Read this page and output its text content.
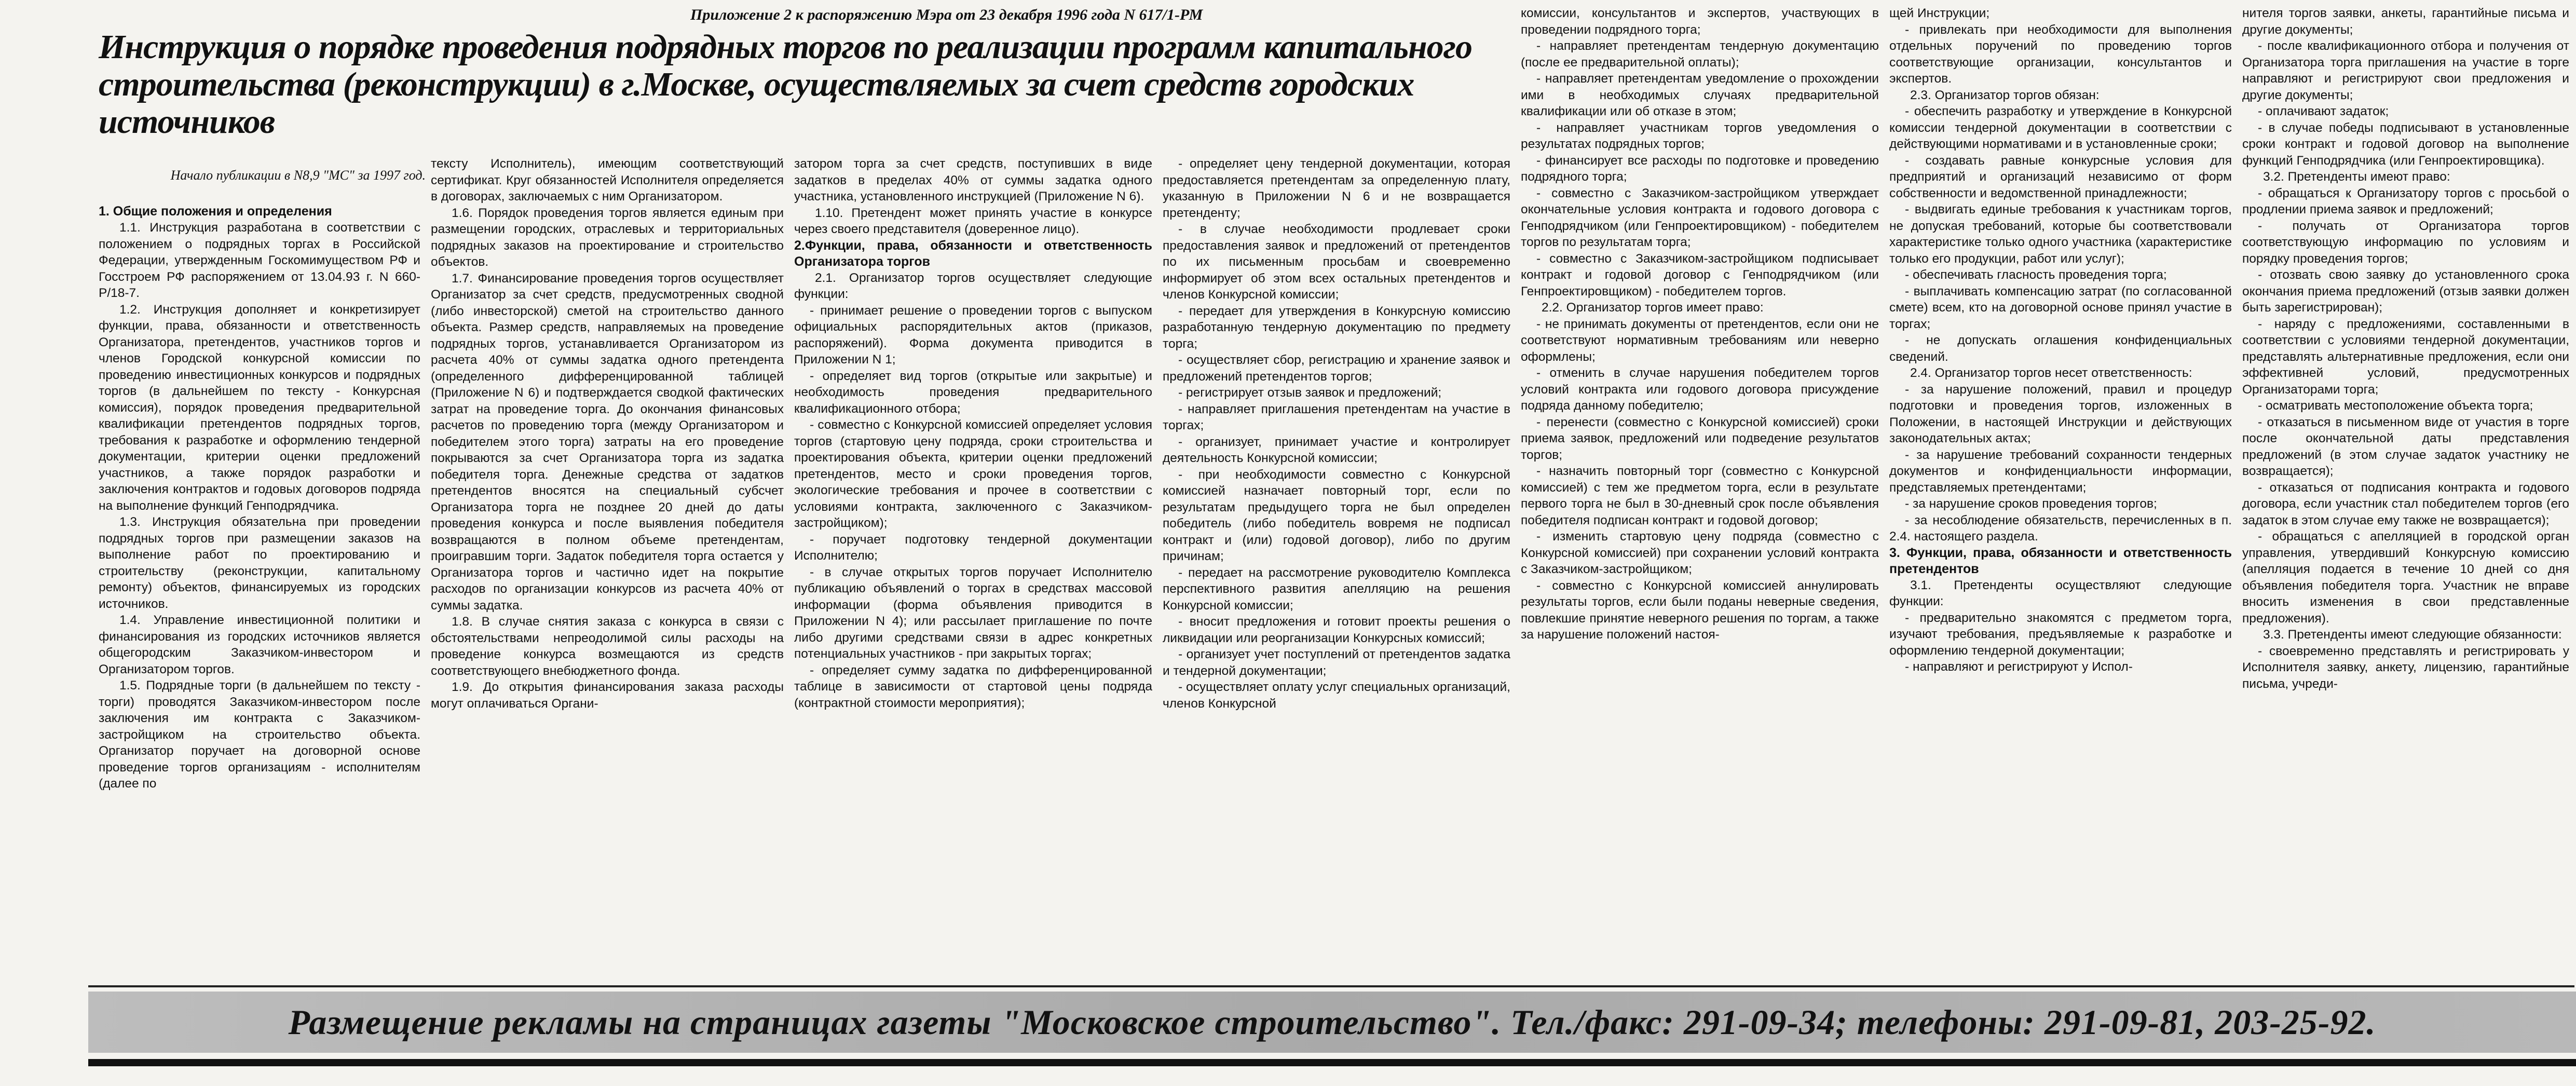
Приложение 2 к распоряжению Мэра от 23 декабря 1996 года N 617/1-РМ
Инструкция о порядке проведения подрядных торгов по реализации программ капитального строительства (реконструкции) в г.Москве, осуществляемых за счет средств городских источников
Начало публикации в N8,9 "МС" за 1997 год.
1. Общие положения и определения

1.1. Инструкция разработана в соответствии с положением о подрядных торгах в Российской Федерации, утвержденным Госкомимуществом РФ и Госстроем РФ распоряжением от 13.04.93 г. N 660-Р/18-7.

1.2. Инструкция дополняет и конкретизирует функции, права, обязанности и ответственность Организатора, претендентов, участников торгов и членов Городской конкурсной комиссии по проведению инвестиционных конкурсов и подрядных торгов (в дальнейшем по тексту - Конкурсная комиссия), порядок проведения предварительной квалификации претендентов подрядных торгов, требования к разработке и оформлению тендерной документации, критерии оценки предложений участников, а также порядок разработки и заключения контрактов и годовых договоров подряда на выполнение функций Генподрядчика.

1.3. Инструкция обязательна при проведении подрядных торгов при размещении заказов на выполнение работ по проектированию и строительству (реконструкции, капитальному ремонту) объектов, финансируемых из городских источников.

1.4. Управление инвестиционной политики и финансирования из городских источников является общегородским Заказчиком-инвестором и Организатором торгов.

1.5. Подрядные торги (в дальнейшем по тексту - торги) проводятся Заказчиком-инвестором после заключения им контракта с Заказчиком-застройщиком на строительство объекта. Организатор поручает на договорной основе проведение торгов организациям - исполнителям (далее по

тексту Исполнитель), имеющим соответствующий сертификат. Круг обязанностей Исполнителя определяется в договорах, заключаемых с ним Организатором.

1.6. Порядок проведения торгов является единым при размещении городских, отраслевых и территориальных подрядных заказов на проектирование и строительство объектов.

1.7. Финансирование проведения торгов осуществляет Организатор за счет средств, предусмотренных сводной (либо инвесторской) сметой на строительство данного объекта. Размер средств, направляемых на проведение подрядных торгов, устанавливается Организатором из расчета 40% от суммы задатка одного претендента (определенного дифференцированной таблицей (Приложение N 6) и подтверждается сводкой фактических затрат на проведение торга. До окончания финансовых расчетов по проведению торга (между Организатором и победителем этого торга) затраты на его проведение покрываются за счет Организатора торга из задатка победителя торга. Денежные средства от задатков претендентов вносятся на специальный субсчет Организатора торга не позднее 20 дней до даты проведения конкурса и после выявления победителя возвращаются в полном объеме претендентам, проигравшим торги. Задаток победителя торга остается у Организатора торгов и частично идет на покрытие расходов по организации конкурсов из расчета 40% от суммы задатка.

1.8. В случае снятия заказа с конкурса в связи с обстоятельствами непреодолимой силы расходы на проведение конкурса возмещаются из средств соответствующего внебюджетного фонда.

1.9. До открытия финансирования заказа расходы могут оплачиваться Органи-

затором торга за счет средств, поступивших в виде задатков в пределах 40% от суммы задатка одного участника, установленного инструкцией (Приложение N 6).

1.10. Претендент может принять участие в конкурсе через своего представителя (доверенное лицо).

2.Функции, права, обязанности и ответственность Организатора торгов

2.1. Организатор торгов осуществляет следующие функции:

- принимает решение о проведении торгов с выпуском официальных распорядительных актов (приказов, распоряжений). Форма документа приводится в Приложении N 1;

- определяет вид торгов (открытые или закрытые) и необходимость проведения предварительного квалификационного отбора;

- совместно с Конкурсной комиссией определяет условия торгов (стартовую цену подряда, сроки строительства и проектирования объекта, критерии оценки предложений претендентов, место и сроки проведения торгов, экологические требования и прочее в соответствии с условиями контракта, заключенного с Заказчиком-застройщиком);

- поручает подготовку тендерной документации Исполнителю;

- в случае открытых торгов поручает Исполнителю публикацию объявлений о торгах в средствах массовой информации (форма объявления приводится в Приложении N 4); или рассылает приглашение по почте либо другими средствами связи в адрес конкретных потенциальных участников - при закрытых торгах;

- определяет сумму задатка по дифференцированной таблице в зависимости от стартовой цены подряда (контрактной стоимости мероприятия);

- определяет цену тендерной документации, которая предоставляется претендентам за определенную плату, указанную в Приложении N 6 и не возвращается претенденту;

- в случае необходимости продлевает сроки предоставления заявок и предложений от претендентов по их письменным просьбам и своевременно информирует об этом всех остальных претендентов и членов Конкурсной комиссии;

- передает для утверждения в Конкурсную комиссию разработанную тендерную документацию по предмету торга;

- осуществляет сбор, регистрацию и хранение заявок и предложений претендентов торгов;

- регистрирует отзыв заявок и предложений;

- направляет приглашения претендентам на участие в торгах;

- организует, принимает участие и контролирует деятельность Конкурсной комиссии;

- при необходимости совместно с Конкурсной комиссией назначает повторный торг, если по результатам предыдущего торга не был определен победитель (либо победитель вовремя не подписал контракт и (или) годовой договор), либо по другим причинам;

- передает на рассмотрение руководителю Комплекса перспективного развития апелляцию на решения Конкурсной комиссии;

- вносит предложения и готовит проекты решения о ликвидации или реорганизации Конкурсных комиссий;

- организует учет поступлений от претендентов задатка и тендерной документации;

- осуществляет оплату услуг специальных организаций, членов Конкурсной

комиссии, консультантов и экспертов, участвующих в проведении подрядного торга;

- направляет претендентам тендерную документацию (после ее предварительной оплаты);

- направляет претендентам уведомление о прохождении ими в необходимых случаях предварительной квалификации или об отказе в этом;

- направляет участникам торгов уведомления о результатах подрядных торгов;

- финансирует все расходы по подготовке и проведению подрядного торга;

- совместно с Заказчиком-застройщиком утверждает окончательные условия контракта и годового договора с Генподрядчиком (или Генпроектировщиком) - победителем торгов по результатам торга;

- совместно с Заказчиком-застройщиком подписывает контракт и годовой договор с Генподрядчиком (или Генпроектировщиком) - победителем торгов.

2.2. Организатор торгов имеет право:

- не принимать документы от претендентов, если они не соответствуют нормативным требованиям или неверно оформлены;

- отменить в случае нарушения победителем торгов условий контракта или годового договора присуждение подряда данному победителю;

- перенести (совместно с Конкурсной комиссией) сроки приема заявок, предложений или подведение результатов торгов;

- назначить повторный торг (совместно с Конкурсной комиссией) с тем же предметом торга, если в результате первого торга не был в 30-дневный срок после объявления победителя подписан контракт и годовой договор;

- изменить стартовую цену подряда (совместно с Конкурсной комиссией) при сохранении условий контракта с Заказчиком-застройщиком;

- совместно с Конкурсной комиссией аннулировать результаты торгов, если были поданы неверные сведения, повлекшие принятие неверного решения по торгам, а также за нарушение положений настоя-

щей Инструкции;

- привлекать при необходимости для выполнения отдельных поручений по проведению торгов соответствующие организации, консультантов и экспертов.

2.3. Организатор торгов обязан:

- обеспечить разработку и утверждение в Конкурсной комиссии тендерной документации в соответствии с действующими нормативами и в установленные сроки;

- создавать равные конкурсные условия для предприятий и организаций независимо от форм собственности и ведомственной принадлежности;

- выдвигать единые требования к участникам торгов, не допуская требований, которые бы соответствовали характеристике только одного участника (характеристике только его продукции, работ или услуг);

- обеспечивать гласность проведения торга;

- выплачивать компенсацию затрат (по согласованной смете) всем, кто на договорной основе принял участие в торгах;

- не допускать оглашения конфиденциальных сведений.

2.4. Организатор торгов несет ответственность:

- за нарушение положений, правил и процедур подготовки и проведения торгов, изложенных в Положении, в настоящей Инструкции и действующих законодательных актах;

- за нарушение требований сохранности тендерных документов и конфиденциальности информации, представляемых претендентами;

- за нарушение сроков проведения торгов;

- за несоблюдение обязательств, перечисленных в п. 2.4. настоящего раздела.

3. Функции, права, обязанности и ответственность претендентов

3.1. Претенденты осуществляют следующие функции:

- предварительно знакомятся с предметом торга, изучают требования, предъявляемые к разработке и оформлению тендерной документации;

- направляют и регистрируют у Испол-

нителя торгов заявки, анкеты, гарантийные письма и другие документы;

- после квалификационного отбора и получения от Организатора торга приглашения на участие в торге направляют и регистрируют свои предложения и другие документы;

- оплачивают задаток;

- в случае победы подписывают в установленные сроки контракт и годовой договор на выполнение функций Генподрядчика (или Генпроектировщика).

3.2. Претенденты имеют право:

- обращаться к Организатору торгов с просьбой о продлении приема заявок и предложений;

- получать от Организатора торгов соответствующую информацию по условиям и порядку проведения торгов;

- отозвать свою заявку до установленного срока окончания приема предложений (отзыв заявки должен быть зарегистрирован);

- наряду с предложениями, составленными в соответствии с условиями тендерной документации, представлять альтернативные предложения, если они эффективней условий, предусмотренных Организаторами торга;

- осматривать местоположение объекта торга;

- отказаться в письменном виде от участия в торге после окончательной даты представления предложений (в этом случае задаток участнику не возвращается);

- отказаться от подписания контракта и годового договора, если участник стал победителем торгов (его задаток в этом случае ему также не возвращается);

- обращаться с апелляцией в городской орган управления, утвердивший Конкурсную комиссию (апелляция подается в течение 10 дней со дня объявления победителя торга. Участник не вправе вносить изменения в свои представленные предложения).

3.3. Претенденты имеют следующие обязанности:

- своевременно представлять и регистрировать у Исполнителя заявку, анкету, лицензию, гарантийные письма, учреди-

Размещение рекламы на страницах газеты "Московское строительство". Тел./факс: 291-09-34; телефоны: 291-09-81, 203-25-92.
